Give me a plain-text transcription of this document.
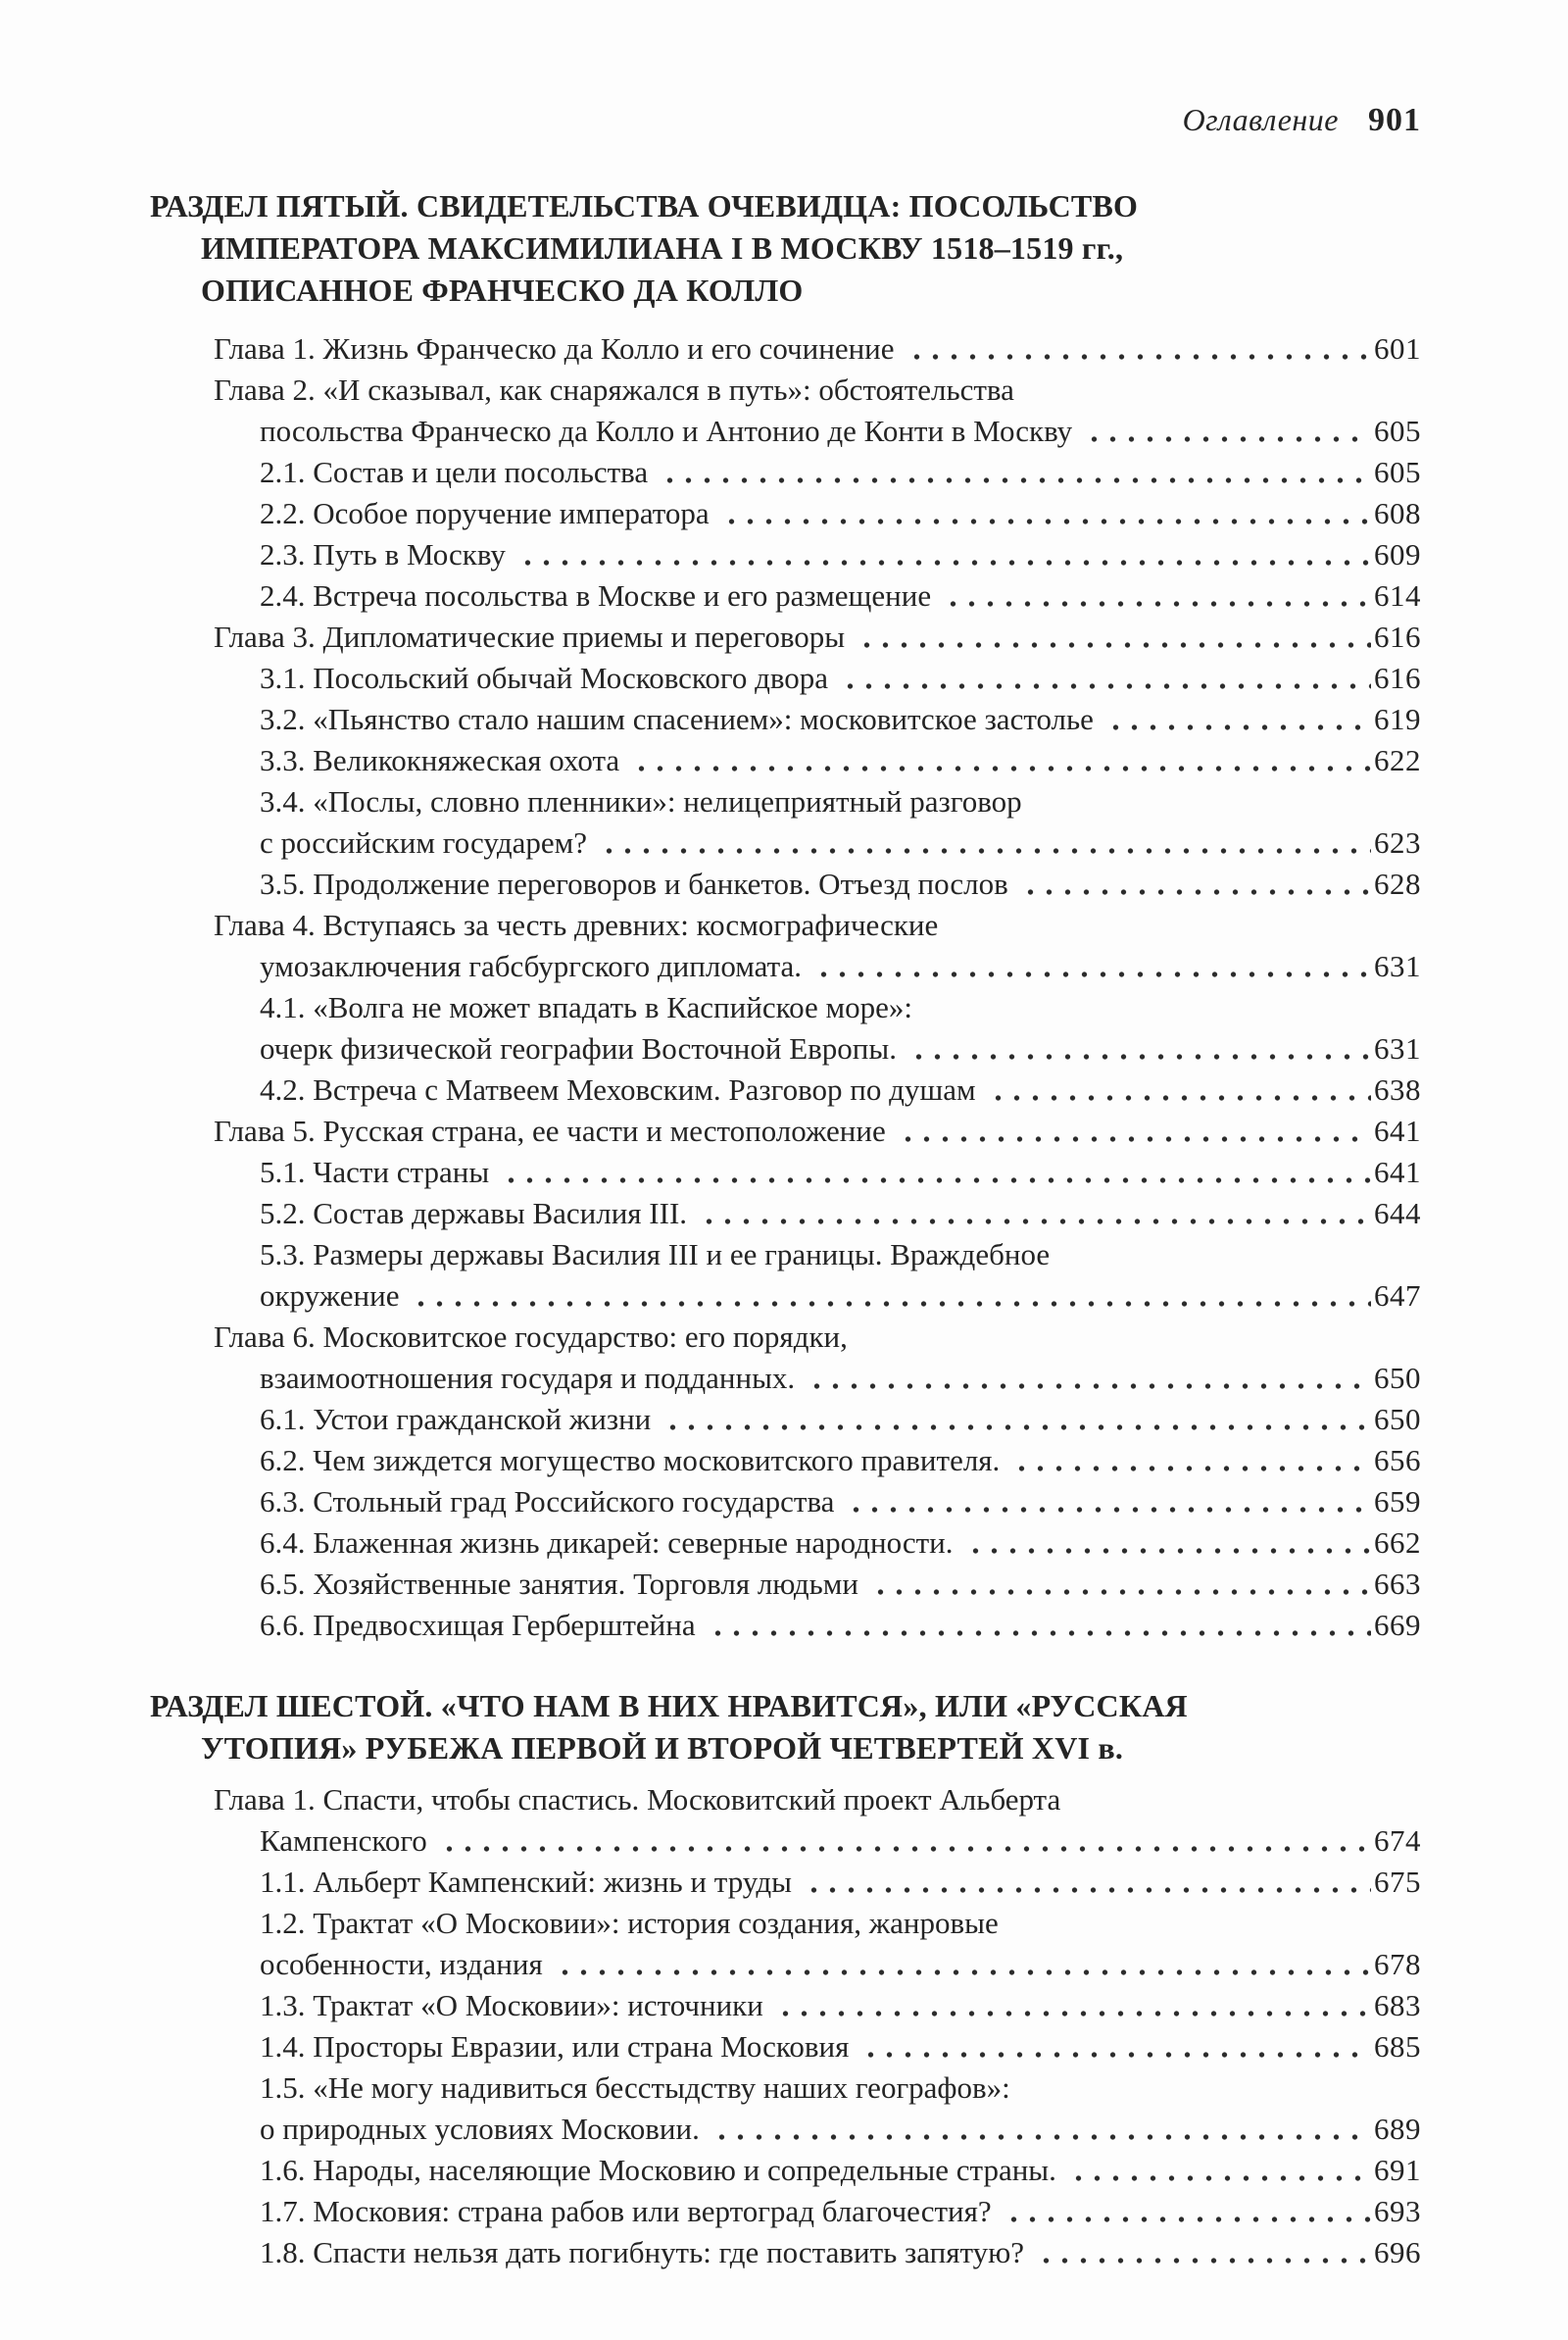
Оглавление 901
РАЗДЕЛ ПЯТЫЙ. СВИДЕТЕЛЬСТВА ОЧЕВИДЦА: ПОСОЛЬСТВО
ИМПЕРАТОРА МАКСИМИЛИАНА I В МОСКВУ 1518–1519 гг.,
ОПИСАННОЕ ФРАНЧЕСКО ДА КОЛЛО
Глава 1. Жизнь Франческо да Колло и его сочинение	601
Глава 2. «И сказывал, как снаряжался в путь»: обстоятельства
посольства Франческо да Колло и Антонио де Конти в Москву	605
2.1. Состав и цели посольства	605
2.2. Особое поручение императора	608
2.3. Путь в Москву	609
2.4. Встреча посольства в Москве и его размещение	614
Глава 3. Дипломатические приемы и переговоры	616
3.1. Посольский обычай Московского двора	616
3.2. «Пьянство стало нашим спасением»: московитское застолье	619
3.3. Великокняжеская охота	622
3.4. «Послы, словно пленники»: нелицеприятный разговор
с российским государем?	623
3.5. Продолжение переговоров и банкетов. Отъезд послов	628
Глава 4. Вступаясь за честь древних: космографические
умозаключения габсбургского дипломата.	631
4.1. «Волга не может впадать в Каспийское море»:
очерк физической географии Восточной Европы.	631
4.2. Встреча с Матвеем Меховским. Разговор по душам	638
Глава 5. Русская страна, ее части и местоположение	641
5.1. Части страны	641
5.2. Состав державы Василия III.	644
5.3. Размеры державы Василия III и ее границы. Враждебное
окружение	647
Глава 6. Московитское государство: его порядки,
взаимоотношения государя и подданных.	650
6.1. Устои гражданской жизни	650
6.2. Чем зиждется могущество московитского правителя.	656
6.3. Стольный град Российского государства	659
6.4. Блаженная жизнь дикарей: северные народности.	662
6.5. Хозяйственные занятия. Торговля людьми	663
6.6. Предвосхищая Герберштейна	669
РАЗДЕЛ ШЕСТОЙ. «ЧТО НАМ В НИХ НРАВИТСЯ», ИЛИ «РУССКАЯ
УТОПИЯ» РУБЕЖА ПЕРВОЙ И ВТОРОЙ ЧЕТВЕРТЕЙ XVI в.
Глава 1. Спасти, чтобы спастись. Московитский проект Альберта
Кампенского	674
1.1. Альберт Кампенский: жизнь и труды	675
1.2. Трактат «О Московии»: история создания, жанровые
особенности, издания	678
1.3. Трактат «О Московии»: источники	683
1.4. Просторы Евразии, или страна Московия	685
1.5. «Не могу надивиться бесстыдству наших географов»:
о природных условиях Московии.	689
1.6. Народы, населяющие Московию и сопредельные страны.	691
1.7. Московия: страна рабов или вертоград благочестия?	693
1.8. Спасти нельзя дать погибнуть: где поставить запятую?	696
